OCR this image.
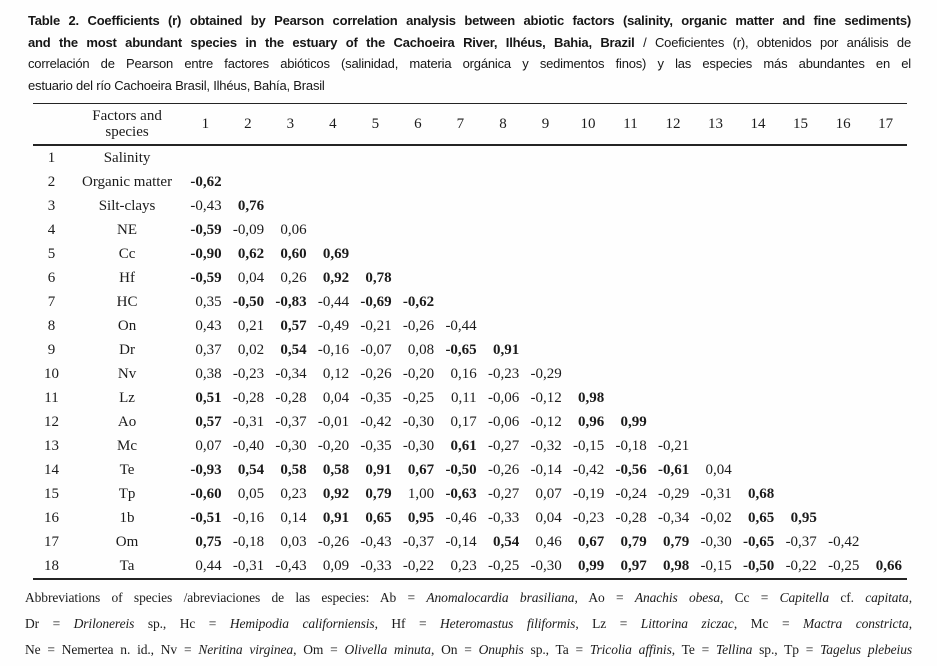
Table 2. Coefficients (r) obtained by Pearson correlation analysis between abiotic factors (salinity, organic matter and fine sediments)
and the most abundant species in the estuary of the Cachoeira River, Ilhéus, Bahia, Brazil / Coeficientes (r), obtenidos por análisis de
correlación de Pearson entre factores abióticos (salinidad, materia orgánica y sedimentos finos) y las especies más abundantes en el
estuario del río Cachoeira Brasil, Ilhéus, Bahía, Brasil
	Factors and
species	1	2	3	4	5	6	7	8	9	10	11	12	13	14	15	16	17
1	Salinity																	
2	Organic matter	-0,62																
3	Silt-clays	-0,43	0,76															
4	NE	-0,59	-0,09	0,06														
5	Cc	-0,90	0,62	0,60	0,69													
6	Hf	-0,59	0,04	0,26	0,92	0,78												
7	HC	0,35	-0,50	-0,83	-0,44	-0,69	-0,62											
8	On	0,43	0,21	0,57	-0,49	-0,21	-0,26	-0,44										
9	Dr	0,37	0,02	0,54	-0,16	-0,07	0,08	-0,65	0,91									
10	Nv	0,38	-0,23	-0,34	0,12	-0,26	-0,20	0,16	-0,23	-0,29								
11	Lz	0,51	-0,28	-0,28	0,04	-0,35	-0,25	0,11	-0,06	-0,12	0,98							
12	Ao	0,57	-0,31	-0,37	-0,01	-0,42	-0,30	0,17	-0,06	-0,12	0,96	0,99						
13	Mc	0,07	-0,40	-0,30	-0,20	-0,35	-0,30	0,61	-0,27	-0,32	-0,15	-0,18	-0,21					
14	Te	-0,93	0,54	0,58	0,58	0,91	0,67	-0,50	-0,26	-0,14	-0,42	-0,56	-0,61	0,04				
15	Tp	-0,60	0,05	0,23	0,92	0,79	1,00	-0,63	-0,27	0,07	-0,19	-0,24	-0,29	-0,31	0,68			
16	1b	-0,51	-0,16	0,14	0,91	0,65	0,95	-0,46	-0,33	0,04	-0,23	-0,28	-0,34	-0,02	0,65	0,95		
17	Om	0,75	-0,18	0,03	-0,26	-0,43	-0,37	-0,14	0,54	0,46	0,67	0,79	0,79	-0,30	-0,65	-0,37	-0,42	
18	Ta	0,44	-0,31	-0,43	0,09	-0,33	-0,22	0,23	-0,25	-0,30	0,99	0,97	0,98	-0,15	-0,50	-0,22	-0,25	0,66
Abbreviations of species /abreviaciones de las especies: Ab = Anomalocardia brasiliana, Ao = Anachis obesa, Cc = Capitella cf. capitata,
Dr = Drilonereis sp., Hc = Hemipodia californiensis, Hf = Heteromastus filiformis, Lz = Littorina ziczac, Mc = Mactra constricta,
Ne = Nemertea n. id., Nv = Neritina virginea, Om = Olivella minuta, On = Onuphis sp., Ta = Tricolia affinis, Te = Tellina sp., Tp = Tagelus plebeius
